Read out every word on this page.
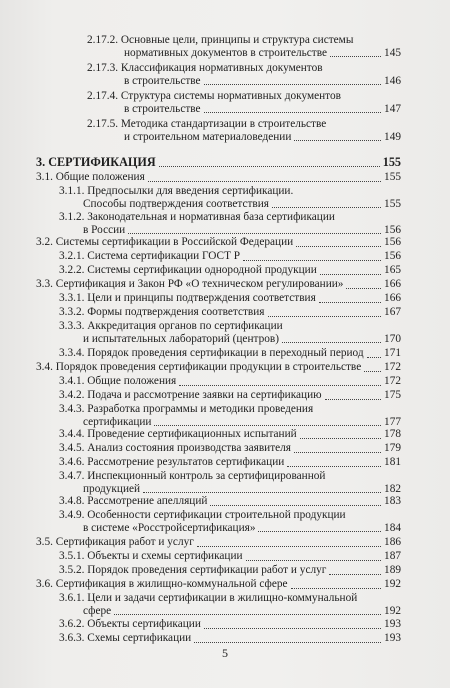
2.17.2. Основные цели, принципы и структура системы
нормативных документов в строительстве	145
2.17.3. Классификация нормативных документов
в строительстве	146
2.17.4. Структура системы нормативных документов
в строительстве	147
2.17.5. Методика стандартизации в строительстве
и строительном материаловедении	149
3. СЕРТИФИКАЦИЯ	155
3.1. Общие положения	155
3.1.1. Предпосылки для введения сертификации.
Способы подтверждения соответствия	155
3.1.2. Законодательная и нормативная база сертификации
в России	156
3.2. Системы сертификации в Российской Федерации	156
3.2.1. Система сертификации ГОСТ Р	156
3.2.2. Системы сертификации однородной продукции	165
3.3. Сертификация и Закон РФ «О техническом регулировании»	166
3.3.1. Цели и принципы подтверждения соответствия	166
3.3.2. Формы подтверждения соответствия	167
3.3.3. Аккредитация органов по сертификации
и испытательных лабораторий (центров)	170
3.3.4. Порядок проведения сертификации в переходный период 171
3.4. Порядок проведения сертификации продукции в строительстве 172
3.4.1. Общие положения	172
3.4.2. Подача и рассмотрение заявки на сертификацию	175
3.4.3. Разработка программы и методики проведения
сертификации	177
3.4.4. Проведение сертификационных испытаний	178
3.4.5. Анализ состояния производства заявителя	179
3.4.6. Рассмотрение результатов сертификации	181
3.4.7. Инспекционный контроль за сертифицированной
продукцией	182
3.4.8. Рассмотрение апелляций	183
3.4.9. Особенности сертификации строительной продукции
в системе «Росстройсертификация»	184
3.5. Сертификация работ и услуг	186
3.5.1. Объекты и схемы сертификации	187
3.5.2. Порядок проведения сертификации работ и услуг	189
3.6. Сертификация в жилищно-коммунальной сфере	192
3.6.1. Цели и задачи сертификации в жилищно-коммунальной
сфере	192
3.6.2. Объекты сертификации	193
3.6.3. Схемы сертификации	193
5
